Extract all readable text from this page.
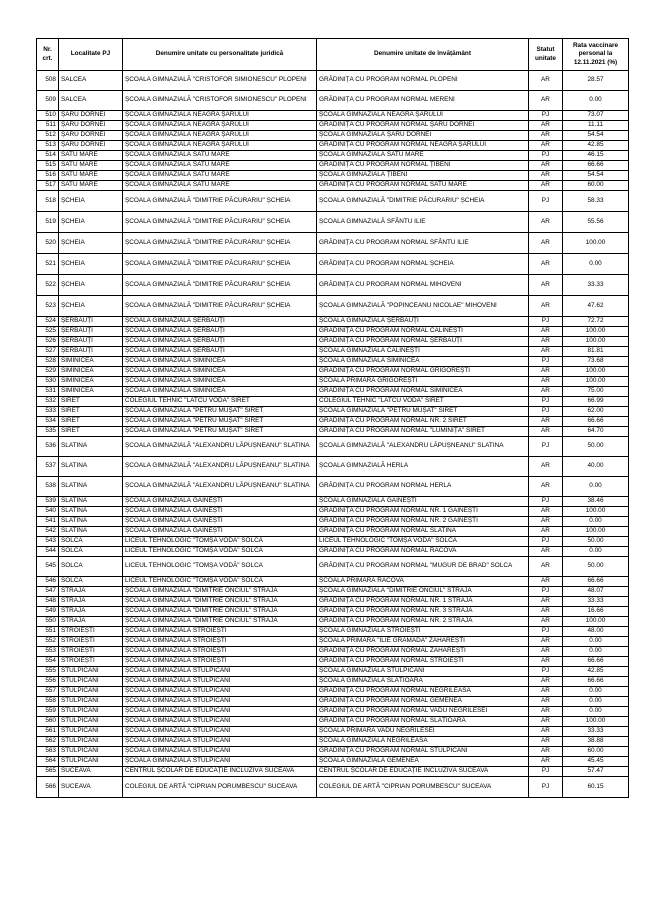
Nr. crt.	Localitate PJ	Denumire unitate cu personalitate juridică	Denumire unitate de învățământ	Statut unitate	Rata vaccinare personal la 12.11.2021 (%)
508	SALCEA	ȘCOALA GIMNAZIALĂ "CRISTOFOR SIMIONESCU" PLOPENI	GRĂDINIȚA CU PROGRAM NORMAL PLOPENI	AR	28.57
509	SALCEA	ȘCOALA GIMNAZIALĂ "CRISTOFOR SIMIONESCU" PLOPENI	GRĂDINIȚA CU PROGRAM NORMAL MERENI	AR	0.00
510	ȘARU DORNEI	ȘCOALA GIMNAZIALĂ NEAGRA ȘARULUI	ȘCOALA GIMNAZIALĂ NEAGRA ȘARULUI	PJ	73.07
511	ȘARU DORNEI	ȘCOALA GIMNAZIALĂ NEAGRA ȘARULUI	GRĂDINIȚA CU PROGRAM NORMAL ȘARU DORNEI	AR	11.11
512	ȘARU DORNEI	ȘCOALA GIMNAZIALĂ NEAGRA ȘARULUI	ȘCOALA GIMNAZIALĂ ȘARU DORNEI	AR	54.54
513	ȘARU DORNEI	ȘCOALA GIMNAZIALĂ NEAGRA ȘARULUI	GRĂDINIȚA CU PROGRAM NORMAL NEAGRA ȘARULUI	AR	42.85
514	SATU MARE	ȘCOALA GIMNAZIALĂ SATU MARE	ȘCOALA GIMNAZIALĂ SATU MARE	PJ	46.15
515	SATU MARE	ȘCOALA GIMNAZIALĂ SATU MARE	GRĂDINIȚA CU PROGRAM NORMAL ȚIBENI	AR	66.66
516	SATU MARE	ȘCOALA GIMNAZIALĂ SATU MARE	ȘCOALA GIMNAZIALĂ ȚIBENI	AR	54.54
517	SATU MARE	ȘCOALA GIMNAZIALĂ SATU MARE	GRĂDINIȚA CU PROGRAM NORMAL SATU MARE	AR	60.00
518	ȘCHEIA	ȘCOALA GIMNAZIALĂ "DIMITRIE PĂCURARIU" ȘCHEIA	ȘCOALA GIMNAZIALĂ "DIMITRIE PĂCURARIU" ȘCHEIA	PJ	58.33
519	ȘCHEIA	ȘCOALA GIMNAZIALĂ "DIMITRIE PĂCURARIU" ȘCHEIA	ȘCOALA GIMNAZIALĂ SFÂNTU ILIE	AR	55.56
520	ȘCHEIA	ȘCOALA GIMNAZIALĂ "DIMITRIE PĂCURARIU" ȘCHEIA	GRĂDINIȚA CU PROGRAM NORMAL SFÂNTU ILIE	AR	100.00
521	ȘCHEIA	ȘCOALA GIMNAZIALĂ "DIMITRIE PĂCURARIU" ȘCHEIA	GRĂDINIȚA CU PROGRAM NORMAL ȘCHEIA	AR	0.00
522	ȘCHEIA	ȘCOALA GIMNAZIALĂ "DIMITRIE PĂCURARIU" ȘCHEIA	GRĂDINIȚA CU PROGRAM NORMAL MIHOVENI	AR	33.33
523	ȘCHEIA	ȘCOALA GIMNAZIALĂ "DIMITRIE PĂCURARIU" ȘCHEIA	ȘCOALA GIMNAZIALĂ "POPINCEANU NICOLAE" MIHOVENI	AR	47.62
524	ȘERBĂUȚI	ȘCOALA GIMNAZIALĂ ȘERBĂUȚI	ȘCOALA GIMNAZIALĂ ȘERBĂUȚI	PJ	72.72
525	ȘERBĂUȚI	ȘCOALA GIMNAZIALĂ ȘERBĂUȚI	GRĂDINIȚA CU PROGRAM NORMAL CĂLINEȘTI	AR	100.00
526	ȘERBĂUȚI	ȘCOALA GIMNAZIALĂ ȘERBĂUȚI	GRĂDINIȚA CU PROGRAM NORMAL ȘERBĂUȚI	AR	100.00
527	ȘERBĂUȚI	ȘCOALA GIMNAZIALĂ ȘERBĂUȚI	ȘCOALA GIMNAZIALĂ CĂLINEȘTI	AR	81.81
528	SIMINICEA	ȘCOALA GIMNAZIALĂ SIMINICEA	ȘCOALA GIMNAZIALĂ SIMINICEA	PJ	73.68
529	SIMINICEA	ȘCOALA GIMNAZIALĂ SIMINICEA	GRĂDINIȚA CU PROGRAM NORMAL GRIGOREȘTI	AR	100.00
530	SIMINICEA	ȘCOALA GIMNAZIALĂ SIMINICEA	ȘCOALA PRIMARĂ GRIGOREȘTI	AR	100.00
531	SIMINICEA	ȘCOALA GIMNAZIALĂ SIMINICEA	GRĂDINIȚA CU PROGRAM NORMAL SIMINICEA	AR	75.00
532	SIRET	COLEGIUL TEHNIC "LATCU VODĂ" SIRET	COLEGIUL TEHNIC "LATCU VODĂ" SIRET	PJ	66.99
533	SIRET	ȘCOALA GIMNAZIALĂ "PETRU MUȘAT" SIRET	ȘCOALA GIMNAZIALĂ "PETRU MUȘAT" SIRET	PJ	62.00
534	SIRET	ȘCOALA GIMNAZIALĂ "PETRU MUȘAT" SIRET	GRĂDINIȚA CU PROGRAM NORMAL NR. 2 SIRET	AR	66.66
535	SIRET	ȘCOALA GIMNAZIALĂ "PETRU MUȘAT" SIRET	GRĂDINIȚA CU PROGRAM NORMAL "LUMINIȚA" SIRET	AR	64.70
536	SLATINA	ȘCOALA GIMNAZIALĂ "ALEXANDRU LĂPUȘNEANU" SLATINA	ȘCOALA GIMNAZIALĂ "ALEXANDRU LĂPUȘNEANU" SLATINA	PJ	50.00
537	SLATINA	ȘCOALA GIMNAZIALĂ "ALEXANDRU LĂPUȘNEANU" SLATINA	ȘCOALA GIMNAZIALĂ HERLA	AR	40.00
538	SLATINA	ȘCOALA GIMNAZIALĂ "ALEXANDRU LĂPUȘNEANU" SLATINA	GRĂDINIȚA CU PROGRAM NORMAL HERLA	AR	0.00
539	SLATINA	ȘCOALA GIMNAZIALĂ GĂINEȘTI	ȘCOALA GIMNAZIALĂ GĂINEȘTI	PJ	38.46
540	SLATINA	ȘCOALA GIMNAZIALĂ GĂINEȘTI	GRĂDINIȚA CU PROGRAM NORMAL NR. 1 GĂINEȘTI	AR	100.00
541	SLATINA	ȘCOALA GIMNAZIALĂ GĂINEȘTI	GRĂDINIȚA CU PROGRAM NORMAL NR. 2 GĂINEȘTI	AR	0.00
542	SLATINA	ȘCOALA GIMNAZIALĂ GĂINEȘTI	GRĂDINIȚA CU PROGRAM NORMAL SLATINA	AR	100.00
543	SOLCA	LICEUL TEHNOLOGIC "TOMȘA VODĂ" SOLCA	LICEUL TEHNOLOGIC "TOMȘA VODĂ" SOLCA	PJ	50.00
544	SOLCA	LICEUL TEHNOLOGIC "TOMȘA VODĂ" SOLCA	GRĂDINIȚA CU PROGRAM NORMAL RACOVA	AR	0.00
545	SOLCA	LICEUL TEHNOLOGIC "TOMȘA VODĂ" SOLCA	GRĂDINIȚA CU PROGRAM NORMAL "MUGUR DE BRAD" SOLCA	AR	50.00
546	SOLCA	LICEUL TEHNOLOGIC "TOMȘA VODĂ" SOLCA	ȘCOALA PRIMARĂ RACOVA	AR	66.66
547	STRAJA	ȘCOALA GIMNAZIALĂ "DIMITRIE ONCIUL" STRAJA	ȘCOALA GIMNAZIALĂ "DIMITRIE ONCIUL" STRAJA	PJ	48.07
548	STRAJA	ȘCOALA GIMNAZIALĂ "DIMITRIE ONCIUL" STRAJA	GRĂDINIȚA CU PROGRAM NORMAL NR. 1 STRAJA	AR	33.33
549	STRAJA	ȘCOALA GIMNAZIALĂ "DIMITRIE ONCIUL" STRAJA	GRĂDINIȚA CU PROGRAM NORMAL NR. 3 STRAJA	AR	16.66
550	STRAJA	ȘCOALA GIMNAZIALĂ "DIMITRIE ONCIUL" STRAJA	GRĂDINIȚA CU PROGRAM NORMAL NR. 2 STRAJA	AR	100.00
551	STROIEȘTI	ȘCOALA GIMNAZIALĂ STROIEȘTI	ȘCOALA GIMNAZIALĂ STROIEȘTI	PJ	48.00
552	STROIEȘTI	ȘCOALA GIMNAZIALĂ STROIEȘTI	ȘCOALA PRIMARĂ "ILIE GRĂMADĂ" ZAHAREȘTI	AR	0.00
553	STROIEȘTI	ȘCOALA GIMNAZIALĂ STROIEȘTI	GRĂDINIȚA CU PROGRAM NORMAL ZAHAREȘTI	AR	0.00
554	STROIEȘTI	ȘCOALA GIMNAZIALĂ STROIEȘTI	GRĂDINIȚA CU PROGRAM NORMAL STROIEȘTI	AR	66.66
555	STULPICANI	ȘCOALA GIMNAZIALĂ STULPICANI	ȘCOALA GIMNAZIALĂ STULPICANI	PJ	42.85
556	STULPICANI	ȘCOALA GIMNAZIALĂ STULPICANI	ȘCOALA GIMNAZIALĂ SLĂTIOARA	AR	66.66
557	STULPICANI	ȘCOALA GIMNAZIALĂ STULPICANI	GRĂDINIȚA CU PROGRAM NORMAL NEGRILEASA	AR	0.00
558	STULPICANI	ȘCOALA GIMNAZIALĂ STULPICANI	GRĂDINIȚA CU PROGRAM NORMAL GEMENEA	AR	0.00
559	STULPICANI	ȘCOALA GIMNAZIALĂ STULPICANI	GRĂDINIȚA CU PROGRAM NORMAL VADU NEGRILESEI	AR	0.00
560	STULPICANI	ȘCOALA GIMNAZIALĂ STULPICANI	GRĂDINIȚA CU PROGRAM NORMAL SLĂTIOARA	AR	100.00
561	STULPICANI	ȘCOALA GIMNAZIALĂ STULPICANI	ȘCOALA PRIMARĂ VADU NEGRILESEI	AR	33.33
562	STULPICANI	ȘCOALA GIMNAZIALĂ STULPICANI	ȘCOALA GIMNAZIALĂ NEGRILEASA	AR	38.88
563	STULPICANI	ȘCOALA GIMNAZIALĂ STULPICANI	GRĂDINIȚA CU PROGRAM NORMAL STULPICANI	AR	60.00
564	STULPICANI	ȘCOALA GIMNAZIALĂ STULPICANI	ȘCOALA GIMNAZIALĂ GEMENEA	AR	45.45
565	SUCEAVA	CENTRUL ȘCOLAR DE EDUCAȚIE INCLUZIVĂ SUCEAVA	CENTRUL ȘCOLAR DE EDUCAȚIE INCLUZIVĂ SUCEAVA	PJ	57.47
566	SUCEAVA	COLEGIUL DE ARTĂ "CIPRIAN PORUMBESCU" SUCEAVA	COLEGIUL DE ARTĂ "CIPRIAN PORUMBESCU" SUCEAVA	PJ	60.15
